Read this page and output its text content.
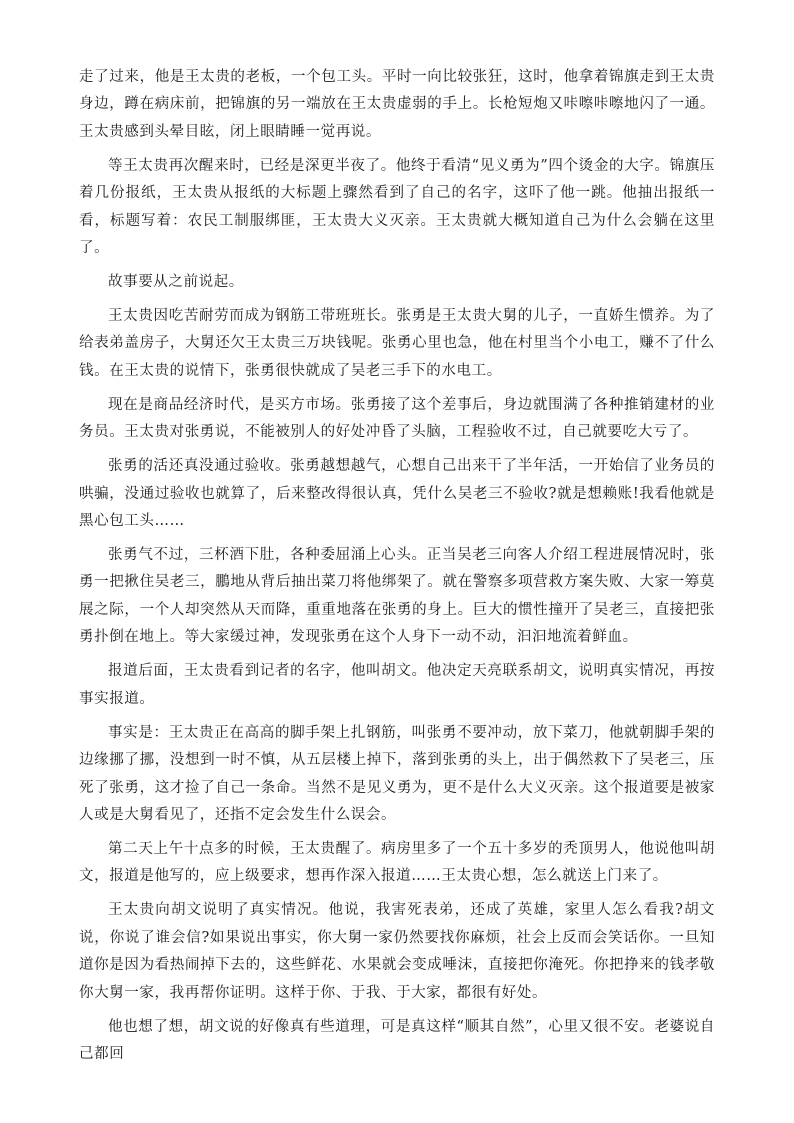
走了过来，他是王太贵的老板，一个包工头。平时一向比较张狂，这时，他拿着锦旗走到王太贵身边，蹲在病床前，把锦旗的另一端放在王太贵虚弱的手上。长枪短炮又咔嚓咔嚓地闪了一通。王太贵感到头晕目眩，闭上眼睛睡一觉再说。

等王太贵再次醒来时，已经是深更半夜了。他终于看清“见义勇为”四个烫金的大字。锦旗压着几份报纸，王太贵从报纸的大标题上骤然看到了自己的名字，这吓了他一跳。他抽出报纸一看，标题写着：农民工制服绑匪，王太贵大义灭亲。王太贵就大概知道自己为什么会躺在这里了。

故事要从之前说起。

王太贵因吃苦耐劳而成为钢筋工带班班长。张勇是王太贵大舅的儿子，一直娇生惯养。为了给表弟盖房子，大舅还欠王太贵三万块钱呢。张勇心里也急，他在村里当个小电工，赚不了什么钱。在王太贵的说情下，张勇很快就成了吴老三手下的水电工。

现在是商品经济时代，是买方市场。张勇接了这个差事后，身边就围满了各种推销建材的业务员。王太贵对张勇说，不能被别人的好处冲昏了头脑，工程验收不过，自己就要吃大亏了。

张勇的活还真没通过验收。张勇越想越气，心想自己出来干了半年活，一开始信了业务员的哄骗，没通过验收也就算了，后来整改得很认真，凭什么吴老三不验收?就是想赖账!我看他就是黑心包工头……

张勇气不过，三杯酒下肚，各种委屈涌上心头。正当吴老三向客人介绍工程进展情况时，张勇一把揪住吴老三，鵬地从背后抽出菜刀将他绑架了。就在警察多项营救方案失败、大家一筹莫展之际，一个人却突然从天而降，重重地落在张勇的身上。巨大的惯性撞开了吴老三，直接把张勇扑倒在地上。等大家缓过神，发现张勇在这个人身下一动不动，汩汩地流着鲜血。

报道后面，王太贵看到记者的名字，他叫胡文。他决定天亮联系胡文，说明真实情况，再按事实报道。

事实是：王太贵正在高高的脚手架上扎钢筋，叫张勇不要冲动，放下菜刀，他就朝脚手架的边缘挪了挪，没想到一时不慎，从五层楼上掉下，落到张勇的头上，出于偶然救下了吴老三，压死了张勇，这才捡了自己一条命。当然不是见义勇为，更不是什么大义灭亲。这个报道要是被家人或是大舅看见了，还指不定会发生什么误会。

第二天上午十点多的时候，王太贵醒了。病房里多了一个五十多岁的秃顶男人，他说他叫胡文，报道是他写的，应上级要求，想再作深入报道……王太贵心想，怎么就送上门来了。

王太贵向胡文说明了真实情况。他说，我害死表弟，还成了英雄，家里人怎么看我?胡文说，你说了谁会信?如果说出事实，你大舅一家仍然要找你麻烦，社会上反而会笑话你。一旦知道你是因为看热闹掉下去的，这些鲜花、水果就会变成唾沫，直接把你淹死。你把挣来的钱孝敬你大舅一家，我再帮你证明。这样于你、于我、于大家，都很有好处。

他也想了想，胡文说的好像真有些道理，可是真这样“顺其自然”，心里又很不安。老婆说自己都回
